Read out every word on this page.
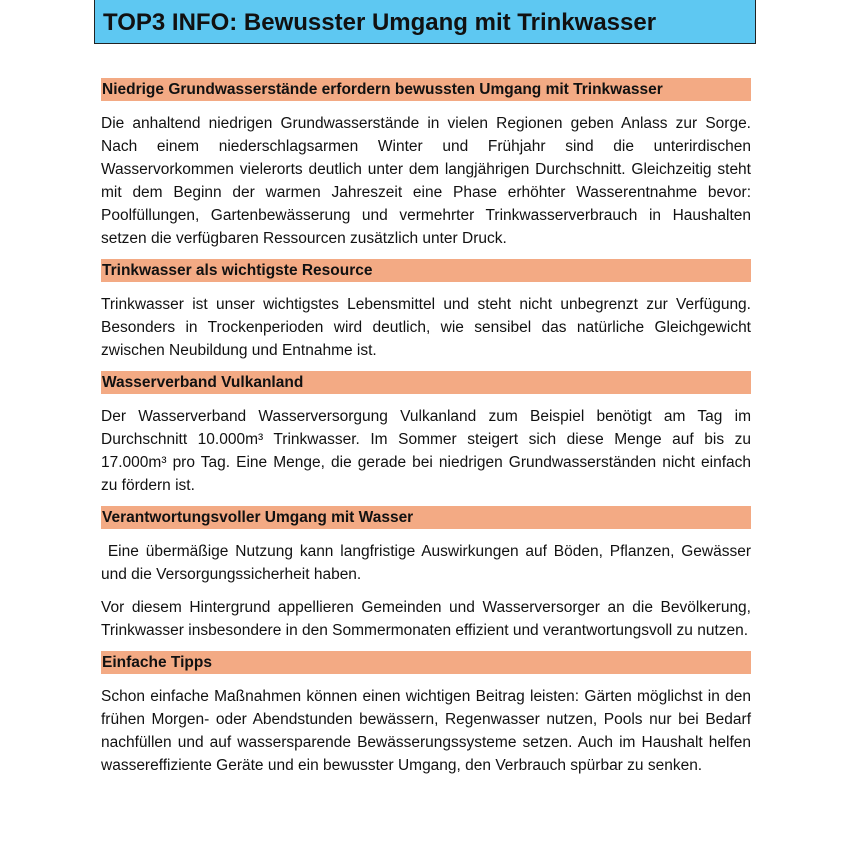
TOP3 INFO: Bewusster Umgang mit Trinkwasser
Niedrige Grundwasserstände erfordern bewussten Umgang mit Trinkwasser

Die anhaltend niedrigen Grundwasserstände in vielen Regionen geben Anlass zur Sorge. Nach einem niederschlagsarmen Winter und Frühjahr sind die unterirdischen Wasservorkommen vielerorts deutlich unter dem langjährigen Durchschnitt. Gleichzeitig steht mit dem Beginn der warmen Jahreszeit eine Phase erhöhter Wasserentnahme bevor: Poolfüllungen, Gartenbewässerung und vermehrter Trinkwasserverbrauch in Haushalten setzen die verfügbaren Ressourcen zusätzlich unter Druck.

Trinkwasser als wichtigste Resource

Trinkwasser ist unser wichtigstes Lebensmittel und steht nicht unbegrenzt zur Verfügung. Besonders in Trockenperioden wird deutlich, wie sensibel das natürliche Gleichgewicht zwischen Neubildung und Entnahme ist.

Wasserverband Vulkanland

Der Wasserverband Wasserversorgung Vulkanland zum Beispiel benötigt am Tag im Durchschnitt 10.000m³ Trinkwasser. Im Sommer steigert sich diese Menge auf bis zu 17.000m³ pro Tag. Eine Menge, die gerade bei niedrigen Grundwasserständen nicht einfach zu fördern ist.

Verantwortungsvoller Umgang mit Wasser

Eine übermäßige Nutzung kann langfristige Auswirkungen auf Böden, Pflanzen, Gewässer und die Versorgungssicherheit haben.

Vor diesem Hintergrund appellieren Gemeinden und Wasserversorger an die Bevölkerung, Trinkwasser insbesondere in den Sommermonaten effizient und verantwortungsvoll zu nutzen.

Einfache Tipps

Schon einfache Maßnahmen können einen wichtigen Beitrag leisten: Gärten möglichst in den frühen Morgen- oder Abendstunden bewässern, Regenwasser nutzen, Pools nur bei Bedarf nachfüllen und auf wassersparende Bewässerungssysteme setzen. Auch im Haushalt helfen wassereffiziente Geräte und ein bewusster Umgang, den Verbrauch spürbar zu senken.
